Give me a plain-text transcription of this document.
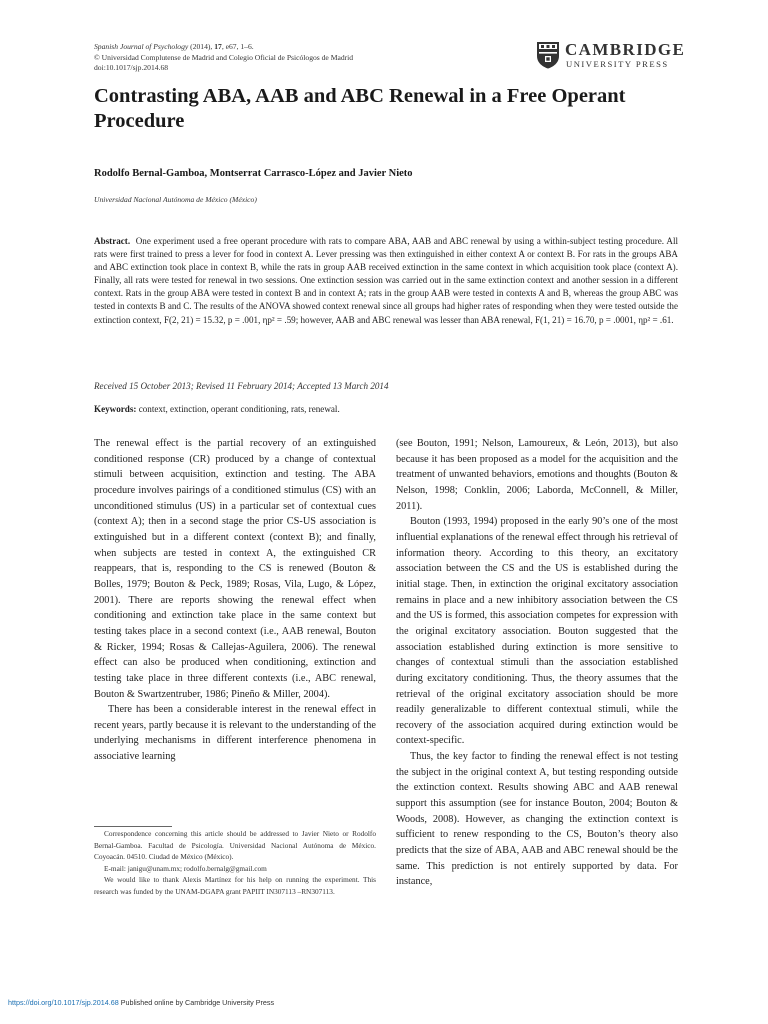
Spanish Journal of Psychology (2014), 17, e67, 1–6.
© Universidad Complutense de Madrid and Colegio Oficial de Psicólogos de Madrid
doi:10.1017/sjp.2014.68
CAMBRIDGE
UNIVERSITY PRESS
Contrasting ABA, AAB and ABC Renewal in a Free Operant Procedure
Rodolfo Bernal-Gamboa, Montserrat Carrasco-López and Javier Nieto
Universidad Nacional Autónoma de México (México)
Abstract. One experiment used a free operant procedure with rats to compare ABA, AAB and ABC renewal by using a within-subject testing procedure. All rats were first trained to press a lever for food in context A. Lever pressing was then extinguished in either context A or context B. For rats in the groups ABA and ABC extinction took place in context B, while the rats in group AAB received extinction in the same context in which acquisition took place (context A). Finally, all rats were tested for renewal in two sessions. One extinction session was carried out in the same extinction context and another session in a different context. Rats in the group ABA were tested in context B and in context A; rats in the group AAB were tested in contexts A and B, whereas the group ABC was tested in contexts B and C. The results of the ANOVA showed context renewal since all groups had higher rates of responding when they were tested outside the extinction context, F(2, 21) = 15.32, p = .001, ηp² = .59; however, AAB and ABC renewal was lesser than ABA renewal, F(1, 21) = 16.70, p = .0001, ηp² = .61.
Received 15 October 2013; Revised 11 February 2014; Accepted 13 March 2014
Keywords: context, extinction, operant conditioning, rats, renewal.

The renewal effect is the partial recovery of an extinguished conditioned response (CR) produced by a change of contextual stimuli between acquisition, extinction and testing. The ABA procedure involves pairings of a conditioned stimulus (CS) with an unconditioned stimulus (US) in a particular set of contextual cues (context A); then in a second stage the prior CS-US association is extinguished but in a different context (context B); and finally, when subjects are tested in context A, the extinguished CR reappears, that is, responding to the CS is renewed (Bouton & Bolles, 1979; Bouton & Peck, 1989; Rosas, Vila, Lugo, & López, 2001). There are reports showing the renewal effect when conditioning and extinction take place in the same context but testing takes place in a second context (i.e., AAB renewal, Bouton & Ricker, 1994; Rosas & Callejas-Aguilera, 2006). The renewal effect can also be produced when conditioning, extinction and testing take place in three different contexts (i.e., ABC renewal, Bouton & Swartzentruber, 1986; Pineño & Miller, 2004).

There has been a considerable interest in the renewal effect in recent years, partly because it is relevant to the understanding of the underlying mechanisms in different interference phenomena in associative learning

(see Bouton, 1991; Nelson, Lamoureux, & León, 2013), but also because it has been proposed as a model for the acquisition and the treatment of unwanted behaviors, emotions and thoughts (Bouton & Nelson, 1998; Conklin, 2006; Laborda, McConnell, & Miller, 2011).

Bouton (1993, 1994) proposed in the early 90’s one of the most influential explanations of the renewal effect through his retrieval of information theory. According to this theory, an excitatory association between the CS and the US is established during the initial stage. Then, in extinction the original excitatory association remains in place and a new inhibitory association between the CS and the US is formed, this association competes for expression with the original excitatory association. Bouton suggested that the association established during extinction is more sensitive to changes of contextual stimuli than the association established during excitatory conditioning. Thus, the theory assumes that the retrieval of the original excitatory association should be more readily generalizable to different contextual stimuli, while the recovery of the association acquired during extinction would be context-specific.

Thus, the key factor to finding the renewal effect is not testing the subject in the original context A, but testing responding outside the extinction context. Results showing ABC and AAB renewal support this assumption (see for instance Bouton, 2004; Bouton & Woods, 2008). However, as changing the extinction context is sufficient to renew responding to the CS, Bouton’s theory also predicts that the size of ABA, AAB and ABC renewal should be the same. This prediction is not entirely supported by data. For instance,

Correspondence concerning this article should be addressed to Javier Nieto or Rodolfo Bernal-Gamboa. Facultad de Psicología. Universidad Nacional Autónoma de México. Coyoacán. 04510. Ciudad de México (México).

E-mail: janigu@unam.mx; rodolfo.bernalg@gmail.com

We would like to thank Alexis Martínez for his help on running the experiment. This research was funded by the UNAM-DGAPA grant PAPIIT IN307113 –RN307113.

https://doi.org/10.1017/sjp.2014.68 Published online by Cambridge University Press
